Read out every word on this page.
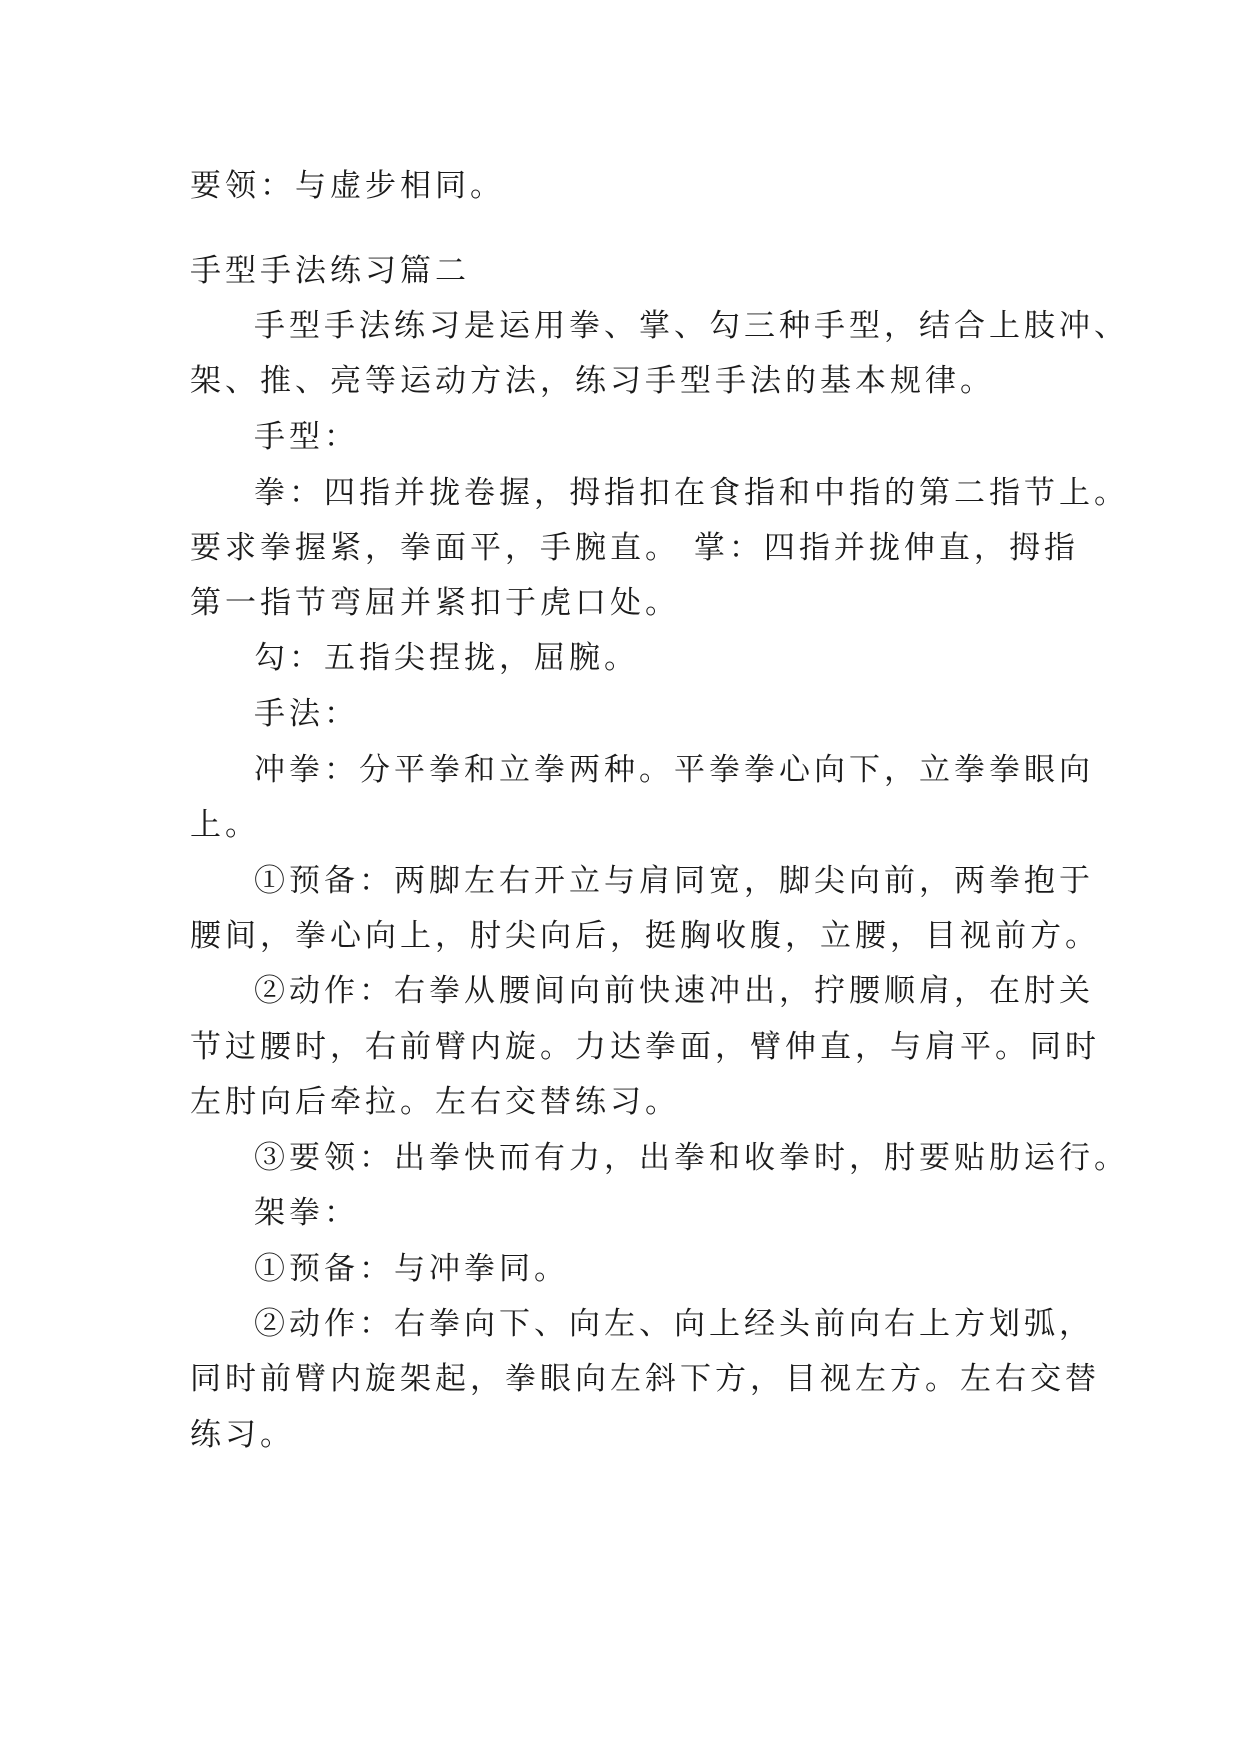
要领：与虚步相同。
手型手法练习篇二
手型手法练习是运用拳、掌、勾三种手型，结合上肢冲、
架、推、亮等运动方法，练习手型手法的基本规律。
手型：
拳：四指并拢卷握，拇指扣在食指和中指的第二指节上。
要求拳握紧，拳面平，手腕直。 掌：四指并拢伸直，拇指
第一指节弯屈并紧扣于虎口处。
勾：五指尖捏拢，屈腕。
手法：
冲拳：分平拳和立拳两种。平拳拳心向下，立拳拳眼向
上。
①预备：两脚左右开立与肩同宽，脚尖向前，两拳抱于
腰间，拳心向上，肘尖向后，挺胸收腹，立腰，目视前方。
②动作：右拳从腰间向前快速冲出，拧腰顺肩，在肘关
节过腰时，右前臂内旋。力达拳面，臂伸直，与肩平。同时
左肘向后牵拉。左右交替练习。
③要领：出拳快而有力，出拳和收拳时，肘要贴肋运行。
架拳：
①预备：与冲拳同。
②动作：右拳向下、向左、向上经头前向右上方划弧，
同时前臂内旋架起，拳眼向左斜下方，目视左方。左右交替
练习。
